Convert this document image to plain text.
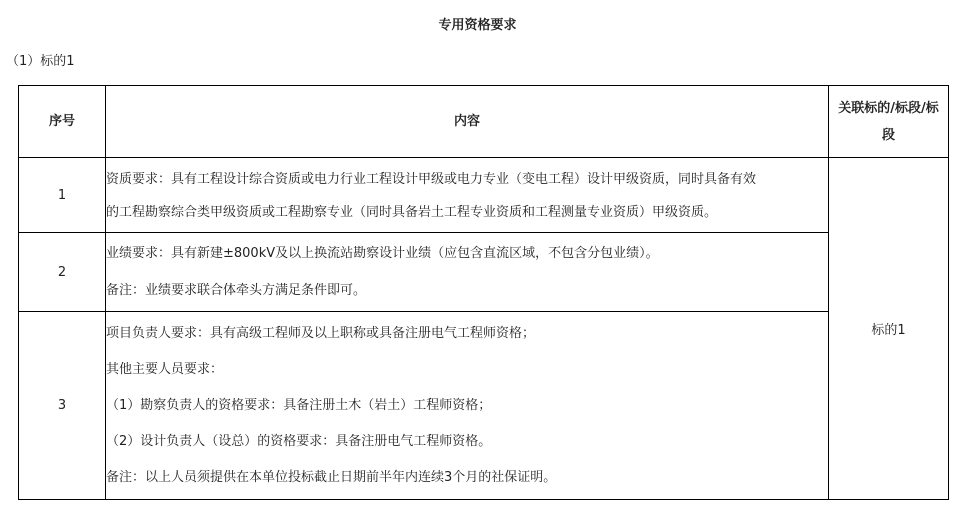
专用资格要求
（1）标的1
序号	内容	关联标的/标段/标
段

1	资质要求：具有工程设计综合资质或电力行业工程设计甲级或电力专业（变电工程）设计甲级资质，同时具备有效
的工程勘察综合类甲级资质或工程勘察专业（同时具备岩土工程专业资质和工程测量专业资质）甲级资质。	标的1
2	业绩要求：具有新建±800kV及以上换流站勘察设计业绩（应包含直流区域，不包含分包业绩）。
备注：业绩要求联合体牵头方满足条件即可。	

3	项目负责人要求：具有高级工程师及以上职称或具备注册电气工程师资格；
其他主要人员要求：
（1）勘察负责人的资格要求：具备注册土木（岩土）工程师资格；
（2）设计负责人（设总）的资格要求：具备注册电气工程师资格。
备注：以上人员须提供在本单位投标截止日期前半年内连续3个月的社保证明。	
